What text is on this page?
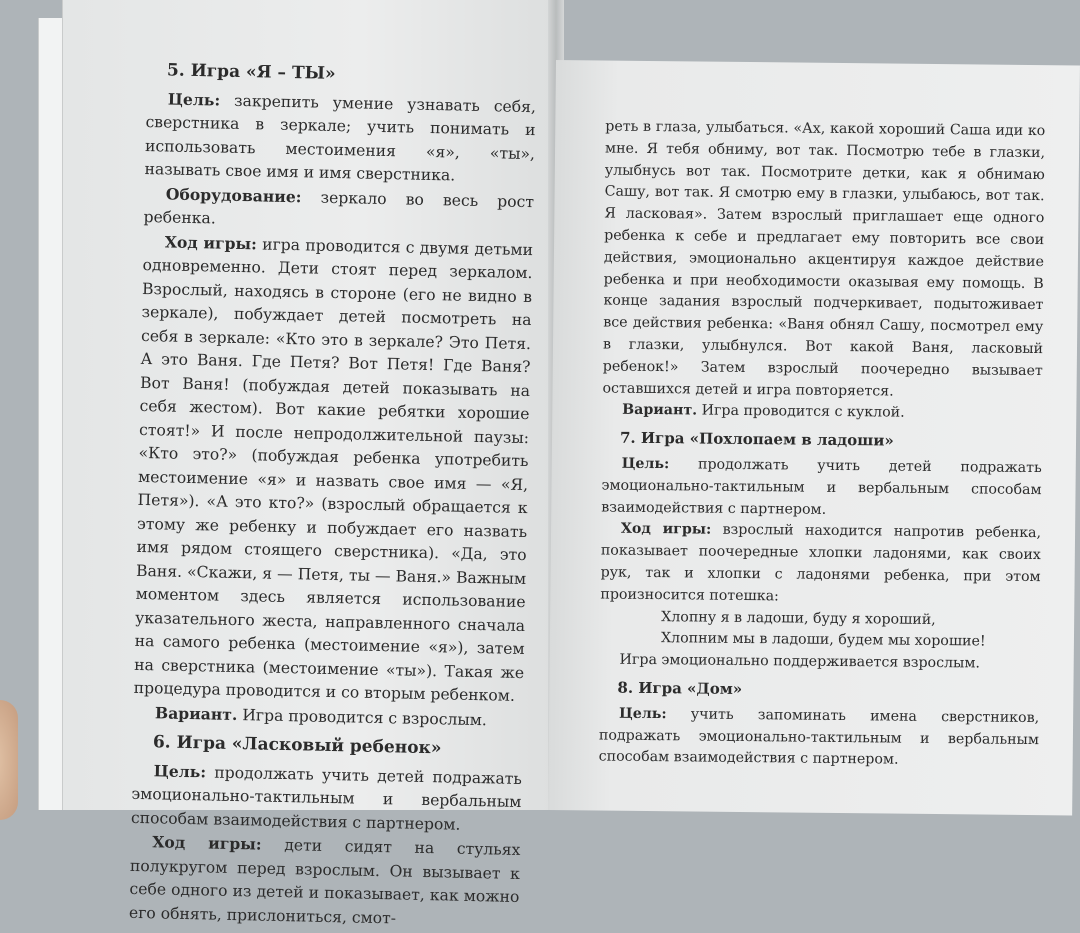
5. Игра «Я – ТЫ»

Цель: закрепить умение узнавать себя, сверстника в зеркале; учить понимать и использовать местоимения «я», «ты», называть свое имя и имя сверстника.

Оборудование: зеркало во весь рост ребенка.

Ход игры: игра проводится с двумя детьми одновременно. Дети стоят перед зеркалом. Взрослый, находясь в стороне (его не видно в зеркале), побуждает детей посмотреть на себя в зеркале: «Кто это в зеркале? Это Петя. А это Ваня. Где Петя? Вот Петя! Где Ваня? Вот Ваня! (побуждая детей показывать на себя жестом). Вот какие ребятки хорошие стоят!» И после непродолжительной паузы: «Кто это?» (побуждая ребенка употребить местоимение «я» и назвать свое имя — «Я, Петя»). «А это кто?» (взрослый обращается к этому же ребенку и побуждает его назвать имя рядом стоящего сверстника). «Да, это Ваня. «Скажи, я — Петя, ты — Ваня.» Важным моментом здесь является использование указательного жеста, направленного сначала на самого ребенка (местоимение «я»), затем на сверстника (местоимение «ты»). Такая же процедура проводится и со вторым ребенком.

Вариант. Игра проводится с взрослым.

6. Игра «Ласковый ребенок»

Цель: продолжать учить детей подражать эмоционально-тактильным и вербальным способам взаимодействия с партнером.

Ход игры: дети сидят на стульях полукругом перед взрослым. Он вызывает к себе одного из детей и показывает, как можно его обнять, прислониться, смот-

реть в глаза, улыбаться. «Ах, какой хороший Саша иди ко мне. Я тебя обниму, вот так. Посмотрю тебе в глазки, улыбнусь вот так. Посмотрите детки, как я обнимаю Сашу, вот так. Я смотрю ему в глазки, улыбаюсь, вот так. Я ласковая». Затем взрослый приглашает еще одного ребенка к себе и предлагает ему повторить все свои действия, эмоционально акцентируя каждое действие ребенка и при необходимости оказывая ему помощь. В конце задания взрослый подчеркивает, подытоживает все действия ребенка: «Ваня обнял Сашу, посмотрел ему в глазки, улыбнулся. Вот какой Ваня, ласковый ребенок!» Затем взрослый поочередно вызывает оставшихся детей и игра повторяется.

Вариант. Игра проводится с куклой.

7. Игра «Похлопаем в ладоши»

Цель: продолжать учить детей подражать эмоционально-тактильным и вербальным способам взаимодействия с партнером.

Ход игры: взрослый находится напротив ребенка, показывает поочередные хлопки ладонями, как своих рук, так и хлопки с ладонями ребенка, при этом произносится потешка:

Хлопну я в ладоши, буду я хороший,

Хлопним мы в ладоши, будем мы хорошие!

Игра эмоционально поддерживается взрослым.

8. Игра «Дом»

Цель: учить запоминать имена сверстников, подражать эмоционально-тактильным и вербальным способам взаимодействия с партнером.
